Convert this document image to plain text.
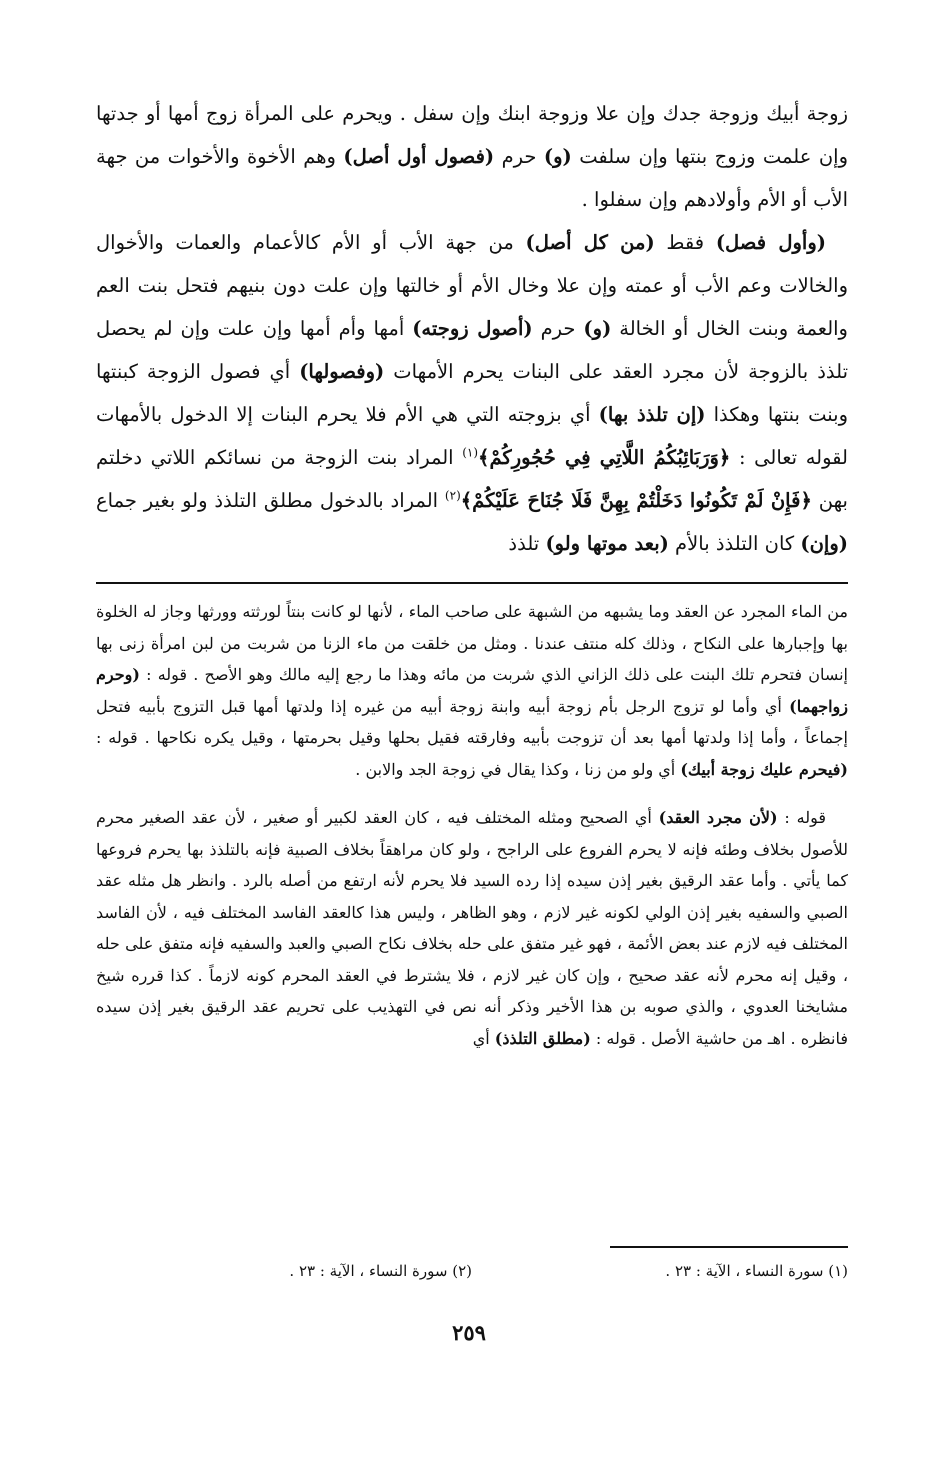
زوجة أبيك وزوجة جدك وإن علا وزوجة ابنك وإن سفل . ويحرم على المرأة زوج أمها أو جدتها وإن علمت وزوج بنتها وإن سلفت (و) حرم (فصول أول أصل) وهم الأخوة والأخوات من جهة الأب أو الأم وأولادهم وإن سفلوا .

(وأول فصل) فقط (من كل أصل) من جهة الأب أو الأم كالأعمام والعمات والأخوال والخالات وعم الأب أو عمته وإن علا وخال الأم أو خالتها وإن علت دون بنيهم فتحل بنت العم والعمة وبنت الخال أو الخالة (و) حرم (أصول زوجته) أمها وأم أمها وإن علت وإن لم يحصل تلذذ بالزوجة لأن مجرد العقد على البنات يحرم الأمهات (وفصولها) أي فصول الزوجة كبنتها وبنت بنتها وهكذا (إن تلذذ بها) أي بزوجته التي هي الأم فلا يحرم البنات إلا الدخول بالأمهات لقوله تعالى : ﴿وَرَبَائِبُكُمُ اللَّاتِي فِي حُجُورِكُمْ﴾$^{(١)}$ المراد بنت الزوجة من نسائكم اللاتي دخلتم بهن ﴿فَإِنْ لَمْ تَكُونُوا دَخَلْتُمْ بِهِنَّ فَلَا جُنَاحَ عَلَيْكُمْ﴾$^{(٢)}$ المراد بالدخول مطلق التلذذ ولو بغير جماع (وإن) كان التلذذ بالأم (بعد موتها ولو) تلذذ

من الماء المجرد عن العقد وما يشبهه من الشبهة على صاحب الماء ، لأنها لو كانت بنتاً لورثته وورثها وجاز له الخلوة بها وإجبارها على النكاح ، وذلك كله منتف عندنا . ومثل من خلقت من ماء الزنا من شربت من لبن امرأة زنى بها إنسان فتحرم تلك البنت على ذلك الزاني الذي شربت من مائه وهذا ما رجع إليه مالك وهو الأصح . قوله : (وحرم زواجهما) أي وأما لو تزوج الرجل بأم زوجة أبيه وابنة زوجة أبيه من غيره إذا ولدتها أمها قبل التزوج بأبيه فتحل إجماعاً ، وأما إذا ولدتها أمها بعد أن تزوجت بأبيه وفارقته فقيل بحلها وقيل بحرمتها ، وقيل يكره نكاحها . قوله : (فيحرم عليك زوجة أبيك) أي ولو من زنا ، وكذا يقال في زوجة الجد والابن .

قوله : (لأن مجرد العقد) أي الصحيح ومثله المختلف فيه ، كان العقد لكبير أو صغير ، لأن عقد الصغير محرم للأصول بخلاف وطئه فإنه لا يحرم الفروع على الراجح ، ولو كان مراهقاً بخلاف الصبية فإنه بالتلذذ بها يحرم فروعها كما يأتي . وأما عقد الرقيق بغير إذن سيده إذا رده السيد فلا يحرم لأنه ارتفع من أصله بالرد . وانظر هل مثله عقد الصبي والسفيه بغير إذن الولي لكونه غير لازم ، وهو الظاهر ، وليس هذا كالعقد الفاسد المختلف فيه ، لأن الفاسد المختلف فيه لازم عند بعض الأئمة ، فهو غير متفق على حله بخلاف نكاح الصبي والعبد والسفيه فإنه متفق على حله ، وقيل إنه محرم لأنه عقد صحيح ، وإن كان غير لازم ، فلا يشترط في العقد المحرم كونه لازماً . كذا قرره شيخ مشايخنا العدوي ، والذي صوبه بن هذا الأخير وذكر أنه نص في التهذيب على تحريم عقد الرقيق بغير إذن سيده فانظره . اهـ من حاشية الأصل . قوله : (مطلق التلذذ) أي

(١) سورة النساء ، الآية : ٢٣ .
(٢) سورة النساء ، الآية : ٢٣ .
٢٥٩
